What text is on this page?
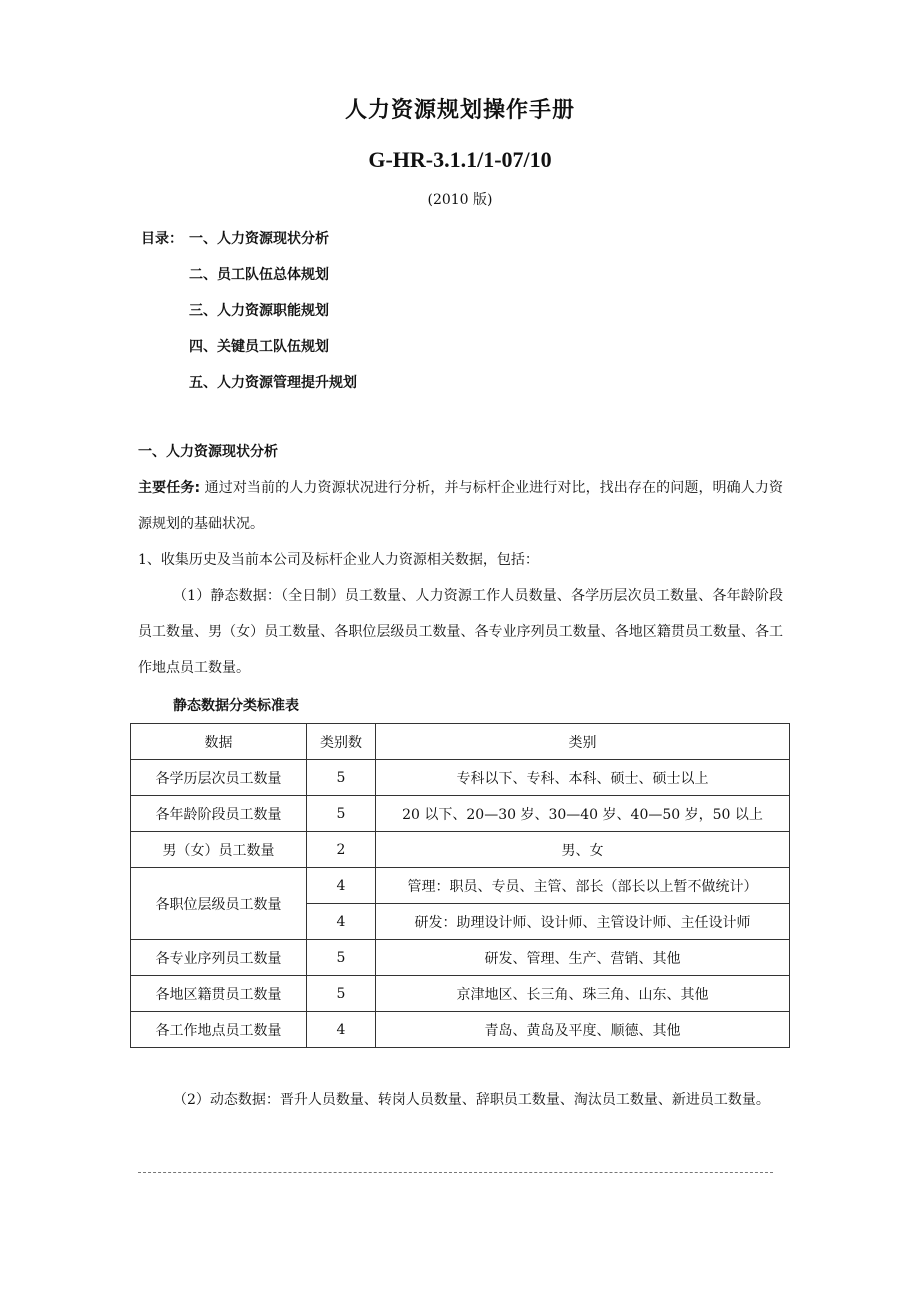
人力资源规划操作手册
G-HR-3.1.1/1-07/10
(2010 版)
目录： 一、人力资源现状分析
二、员工队伍总体规划
三、人力资源职能规划
四、关键员工队伍规划
五、人力资源管理提升规划
一、人力资源现状分析
主要任务: 通过对当前的人力资源状况进行分析，并与标杆企业进行对比，找出存在的问题，明确人力资源规划的基础状况。
1、收集历史及当前本公司及标杆企业人力资源相关数据，包括：
（1）静态数据：（全日制）员工数量、人力资源工作人员数量、各学历层次员工数量、各年龄阶段员工数量、男（女）员工数量、各职位层级员工数量、各专业序列员工数量、各地区籍贯员工数量、各工作地点员工数量。
静态数据分类标准表
数据	类别数	类别
各学历层次员工数量	5	专科以下、专科、本科、硕士、硕士以上
各年龄阶段员工数量	5	20 以下、20—30 岁、30—40 岁、40—50 岁，50 以上
男（女）员工数量	2	男、女
各职位层级员工数量	4	管理：职员、专员、主管、部长（部长以上暂不做统计）
	4	研发：助理设计师、设计师、主管设计师、主任设计师
各专业序列员工数量	5	研发、管理、生产、营销、其他
各地区籍贯员工数量	5	京津地区、长三角、珠三角、山东、其他
各工作地点员工数量	4	青岛、黄岛及平度、顺德、其他
（2）动态数据：晋升人员数量、转岗人员数量、辞职员工数量、淘汰员工数量、新进员工数量。
